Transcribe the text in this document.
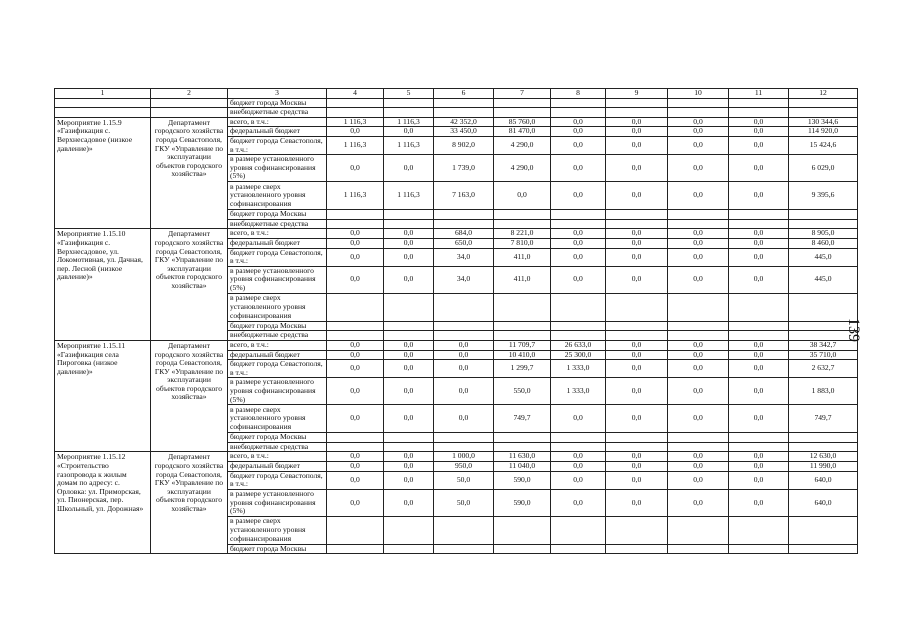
1	2	3	4	5	6	7	8	9	10	11	12
		бюджет города Москвы									
		внебюджетные средства									
Мероприятие 1.15.9 «Газификация с. Верхнесадовое (низкое давление)»	Департамент городского хозяйства города Севастополя, ГКУ «Управление по эксплуатации объектов городского хозяйства»	всего, в т.ч.:	1 116,3	1 116,3	42 352,0	85 760,0	0,0	0,0	0,0	0,0	130 344,6
		федеральный бюджет	0,0	0,0	33 450,0	81 470,0	0,0	0,0	0,0	0,0	114 920,0
		бюджет города Севастополя, в т.ч.:	1 116,3	1 116,3	8 902,0	4 290,0	0,0	0,0	0,0	0,0	15 424,6
		в размере установленного уровня софинансирования (5%)	0,0	0,0	1 739,0	4 290,0	0,0	0,0	0,0	0,0	6 029,0
		в размере сверх установленного уровня софинансирования	1 116,3	1 116,3	7 163,0	0,0	0,0	0,0	0,0	0,0	9 395,6
		бюджет города Москвы									
		внебюджетные средства									
Мероприятие 1.15.10 «Газификация с. Верхнесадовое, ул. Локомотивная, ул. Дачная, пер. Лесной (низкое давление)»	Департамент городского хозяйства города Севастополя, ГКУ «Управление по эксплуатации объектов городского хозяйства»	всего, в т.ч.:	0,0	0,0	684,0	8 221,0	0,0	0,0	0,0	0,0	8 905,0
		федеральный бюджет	0,0	0,0	650,0	7 810,0	0,0	0,0	0,0	0,0	8 460,0
		бюджет города Севастополя, в т.ч.:	0,0	0,0	34,0	411,0	0,0	0,0	0,0	0,0	445,0
		в размере установленного уровня софинансирования (5%)	0,0	0,0	34,0	411,0	0,0	0,0	0,0	0,0	445,0
		в размере сверх установленного уровня софинансирования									
		бюджет города Москвы									
		внебюджетные средства									
Мероприятие 1.15.11 «Газификация села Пироговка (низкое давление)»	Департамент городского хозяйства города Севастополя, ГКУ «Управление по эксплуатации объектов городского хозяйства»	всего, в т.ч.:	0,0	0,0	0,0	11 709,7	26 633,0	0,0	0,0	0,0	38 342,7
		федеральный бюджет	0,0	0,0	0,0	10 410,0	25 300,0	0,0	0,0	0,0	35 710,0
		бюджет города Севастополя, в т.ч.:	0,0	0,0	0,0	1 299,7	1 333,0	0,0	0,0	0,0	2 632,7
		в размере установленного уровня софинансирования (5%)	0,0	0,0	0,0	550,0	1 333,0	0,0	0,0	0,0	1 883,0
		в размере сверх установленного уровня софинансирования	0,0	0,0	0,0	749,7	0,0	0,0	0,0	0,0	749,7
		бюджет города Москвы									
		внебюджетные средства									
Мероприятие 1.15.12 «Строительство газопровода к жилым домам по адресу: с. Орловка: ул. Приморская, ул. Пионерская, пер. Школьный, ул. Дорожная»	Департамент городского хозяйства города Севастополя, ГКУ «Управление по эксплуатации объектов городского хозяйства»	всего, в т.ч.:	0,0	0,0	1 000,0	11 630,0	0,0	0,0	0,0	0,0	12 630,0
		федеральный бюджет	0,0	0,0	950,0	11 040,0	0,0	0,0	0,0	0,0	11 990,0
		бюджет города Севастополя, в т.ч.:	0,0	0,0	50,0	590,0	0,0	0,0	0,0	0,0	640,0
		в размере установленного уровня софинансирования (5%)	0,0	0,0	50,0	590,0	0,0	0,0	0,0	0,0	640,0
		в размере сверх установленного уровня софинансирования									
		бюджет города Москвы									
139
